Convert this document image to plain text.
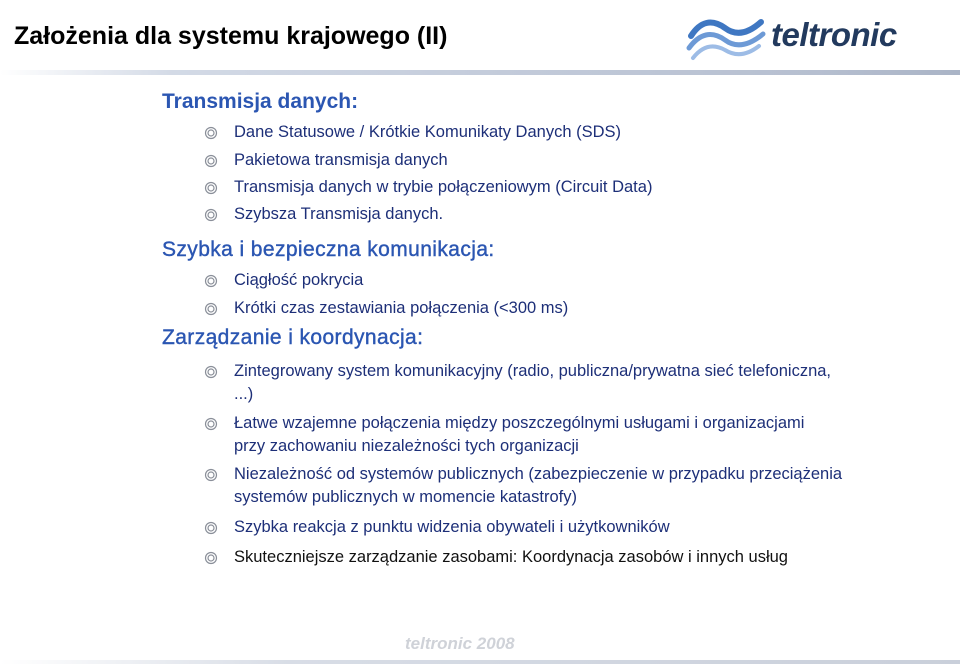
Założenia dla systemu krajowego (II)	teltronic
Transmisja danych:
Dane Statusowe / Krótkie Komunikaty Danych (SDS)
Pakietowa transmisja danych
Transmisja danych w trybie połączeniowym (Circuit Data)
Szybsza Transmisja danych.
Szybka i bezpieczna komunikacja:
Ciągłość pokrycia
Krótki czas zestawiania połączenia (<300 ms)
Zarządzanie i koordynacja:
Zintegrowany system komunikacyjny (radio, publiczna/prywatna sieć telefoniczna, ...)
Łatwe wzajemne połączenia między poszczególnymi usługami i organizacjami przy zachowaniu niezależności tych organizacji
Niezależność od systemów publicznych (zabezpieczenie w przypadku przeciążenia systemów publicznych w momencie katastrofy)
Szybka reakcja z punktu widzenia obywateli i użytkowników
Skuteczniejsze zarządzanie zasobami: Koordynacja zasobów i innych usług
teltronic 2008
